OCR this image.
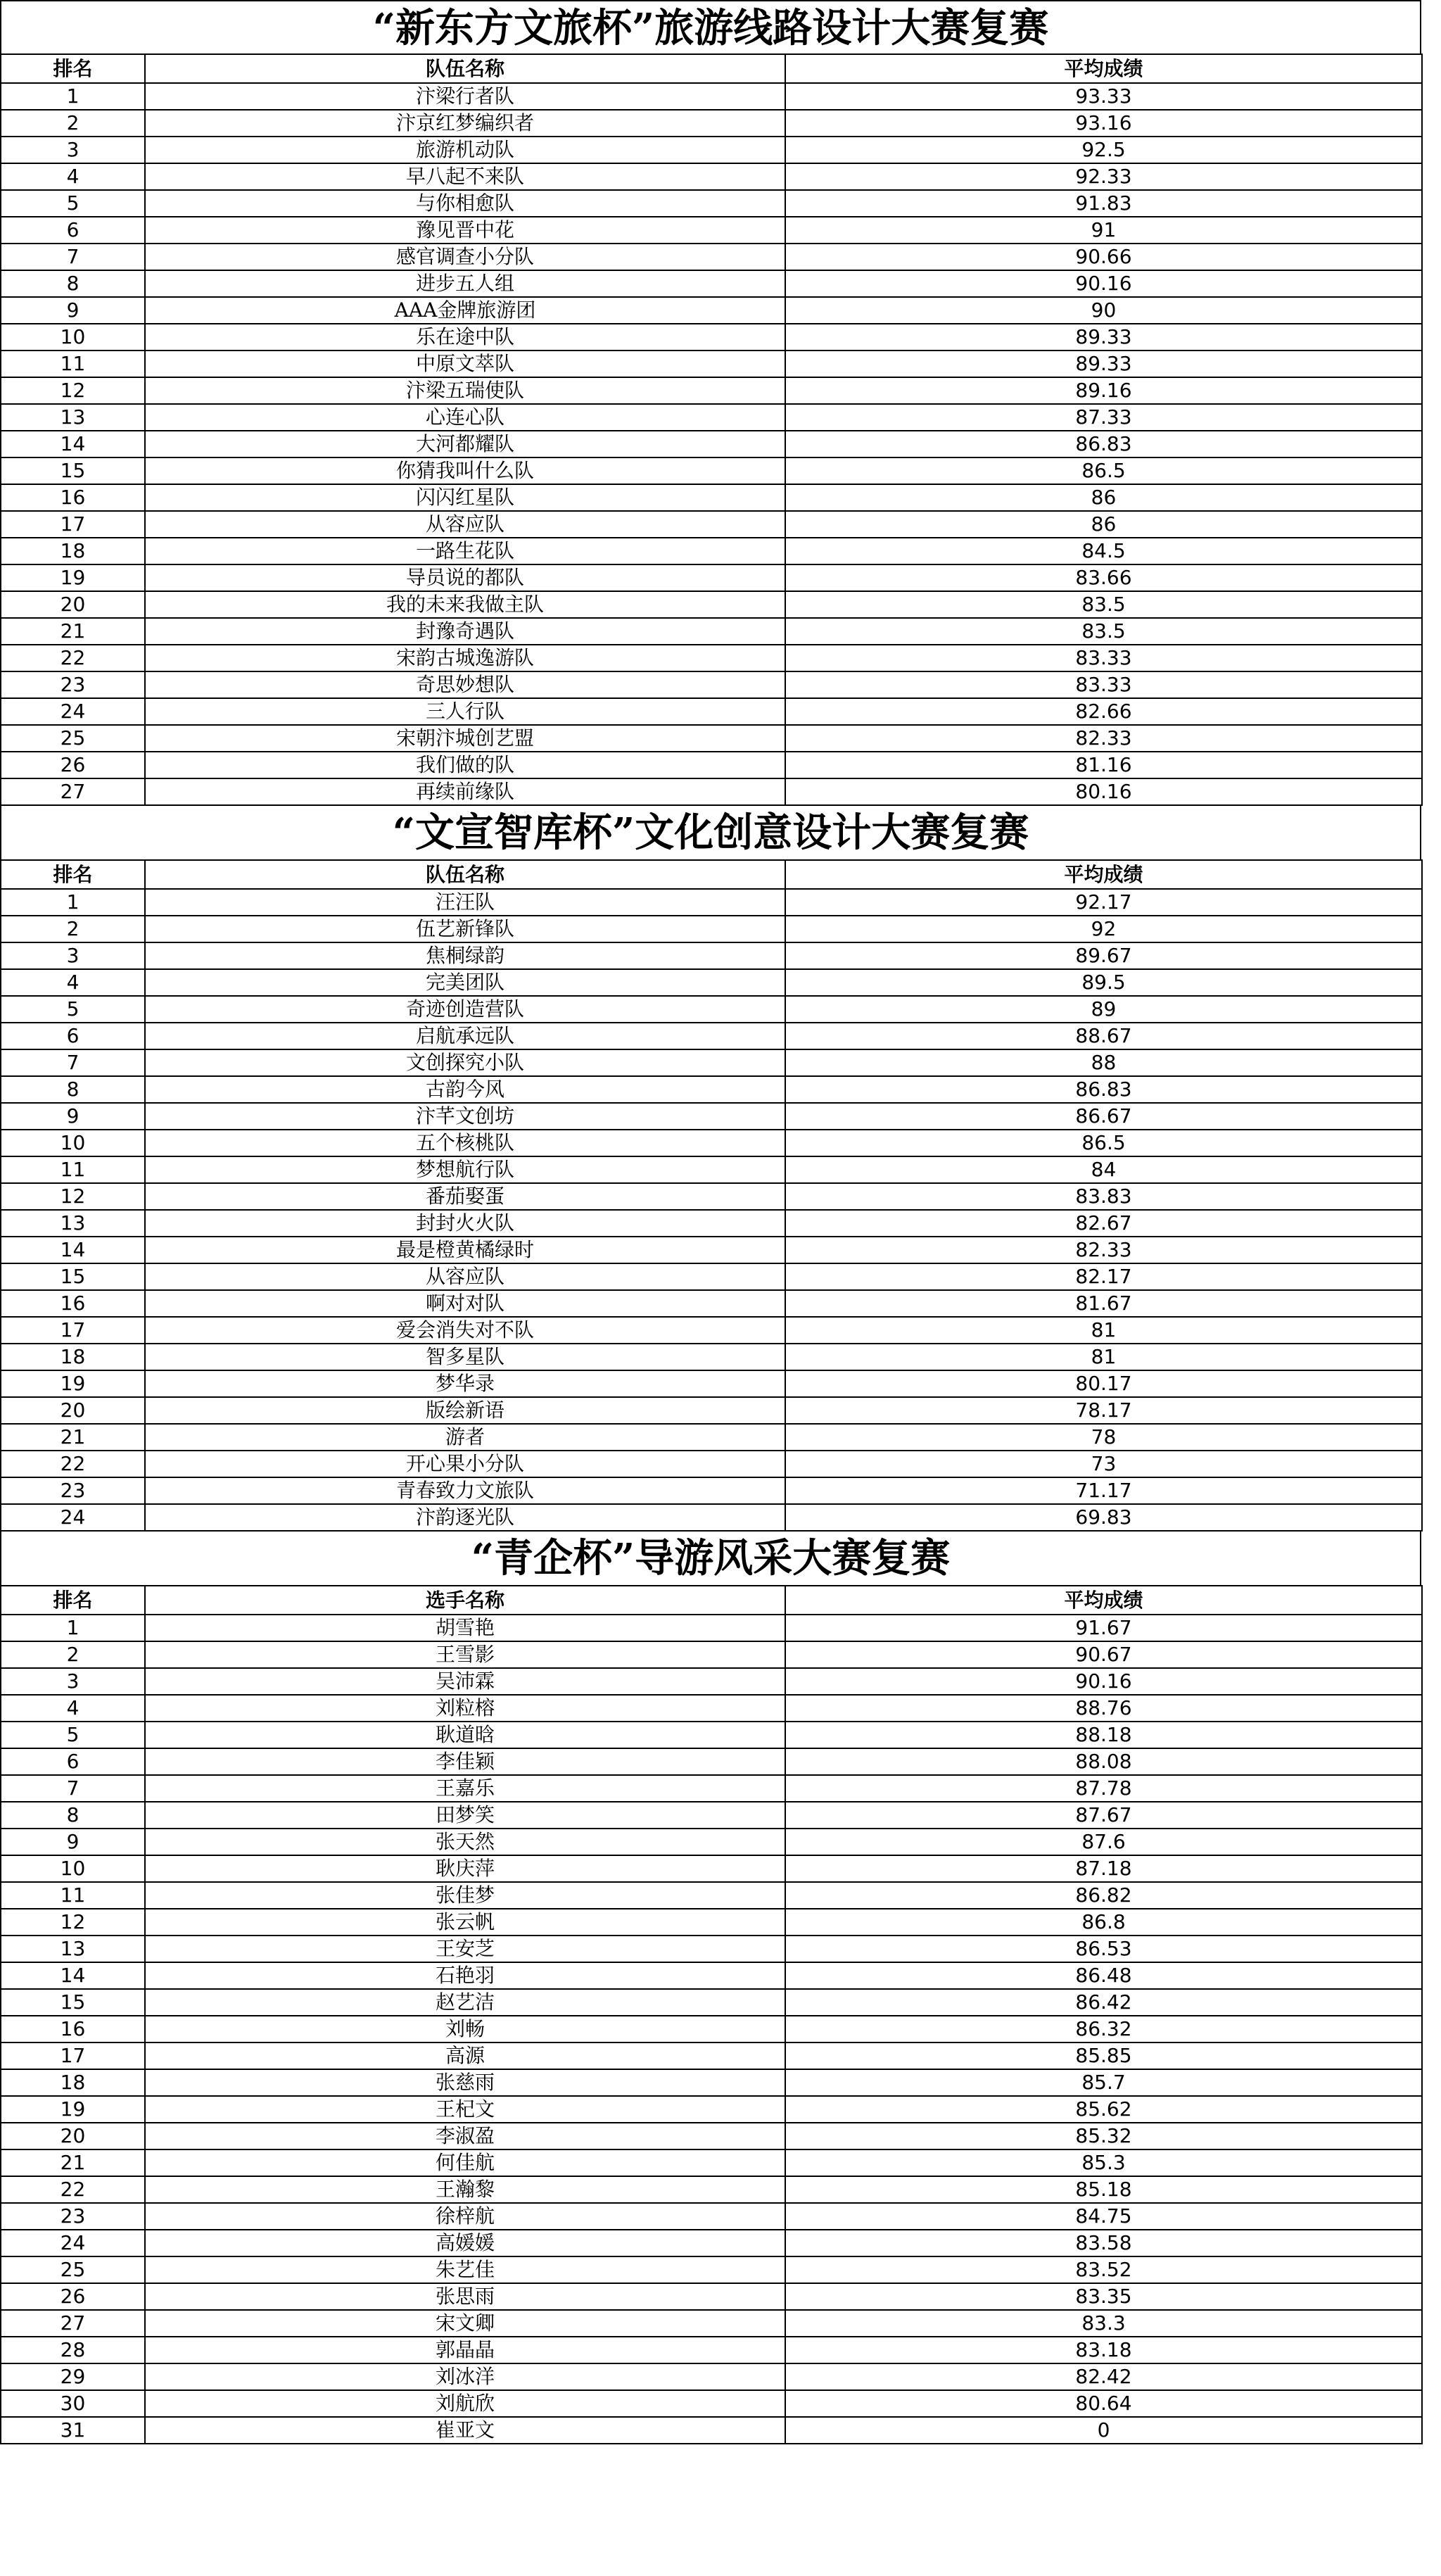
“新东方文旅杯”旅游线路设计大赛复赛
排名	队伍名称	平均成绩
1	汴梁行者队	93.33
2	汴京红梦编织者	93.16
3	旅游机动队	92.5
4	早八起不来队	92.33
5	与你相愈队	91.83
6	豫见晋中花	91
7	感官调查小分队	90.66
8	进步五人组	90.16
9	AAA金牌旅游团	90
10	乐在途中队	89.33
11	中原文萃队	89.33
12	汴梁五瑞使队	89.16
13	心连心队	87.33
14	大河都耀队	86.83
15	你猜我叫什么队	86.5
16	闪闪红星队	86
17	从容应队	86
18	一路生花队	84.5
19	导员说的都队	83.66
20	我的未来我做主队	83.5
21	封豫奇遇队	83.5
22	宋韵古城逸游队	83.33
23	奇思妙想队	83.33
24	三人行队	82.66
25	宋朝汴城创艺盟	82.33
26	我们做的队	81.16
27	再续前缘队	80.16
“文宣智库杯”文化创意设计大赛复赛
排名	队伍名称	平均成绩
1	汪汪队	92.17
2	伍艺新锋队	92
3	焦桐绿韵	89.67
4	完美团队	89.5
5	奇迹创造营队	89
6	启航承远队	88.67
7	文创探究小队	88
8	古韵今风	86.83
9	汴芊文创坊	86.67
10	五个核桃队	86.5
11	梦想航行队	84
12	番茄娶蛋	83.83
13	封封火火队	82.67
14	最是橙黄橘绿时	82.33
15	从容应队	82.17
16	啊对对队	81.67
17	爱会消失对不队	81
18	智多星队	81
19	梦华录	80.17
20	版绘新语	78.17
21	游者	78
22	开心果小分队	73
23	青春致力文旅队	71.17
24	汴韵逐光队	69.83
“青企杯”导游风采大赛复赛
排名	选手名称	平均成绩
1	胡雪艳	91.67
2	王雪影	90.67
3	吴沛霖	90.16
4	刘粒榕	88.76
5	耿道晗	88.18
6	李佳颖	88.08
7	王嘉乐	87.78
8	田梦笑	87.67
9	张天然	87.6
10	耿庆萍	87.18
11	张佳梦	86.82
12	张云帆	86.8
13	王安芝	86.53
14	石艳羽	86.48
15	赵艺洁	86.42
16	刘畅	86.32
17	高源	85.85
18	张慈雨	85.7
19	王杞文	85.62
20	李淑盈	85.32
21	何佳航	85.3
22	王瀚黎	85.18
23	徐梓航	84.75
24	高媛媛	83.58
25	朱艺佳	83.52
26	张思雨	83.35
27	宋文卿	83.3
28	郭晶晶	83.18
29	刘冰洋	82.42
30	刘航欣	80.64
31	崔亚文	0
